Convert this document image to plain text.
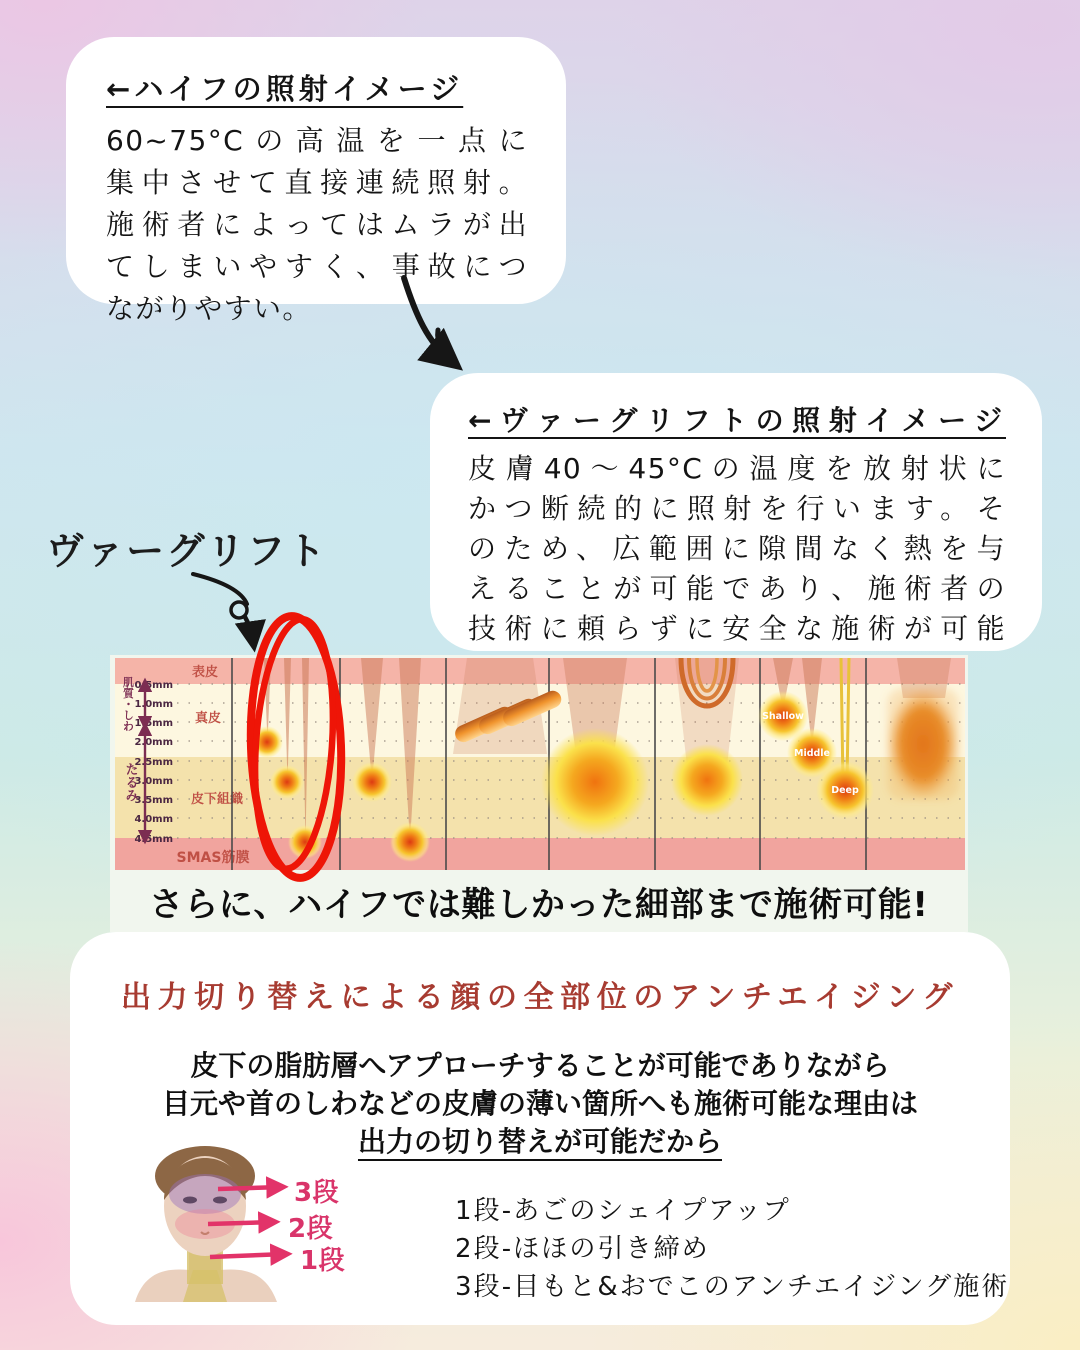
←ハイフの照射イメージ
60~75°Cの高温を一点に
集中させて直接連続照射。
施術者によってはムラが出
てしまいやすく、事故につ
ながりやすい。
←ヴァーグリフトの照射イメージ
皮膚40〜45°Cの温度を放射状に
かつ断続的に照射を行います。そ
のため、広範囲に隙間なく熱を与
えることが可能であり、施術者の
技術に頼らずに安全な施術が可能
ヴァーグリフト
0.5mm
1.0mm
1.5mm
2.0mm
2.5mm
3.0mm
3.5mm
4.0mm
4.5mm
肌質・しわ
たるみ
表皮
真皮
皮下組織
SMAS筋膜
Shallow
Middle
Deep
さらに、ハイフでは難しかった細部まで施術可能!
出力切り替えによる顔の全部位のアンチエイジング
皮下の脂肪層へアプローチすることが可能でありながら
目元や首のしわなどの皮膚の薄い箇所へも施術可能な理由は
出力の切り替えが可能だから
3段
2段
1段
1段-あごのシェイプアップ
2段-ほほの引き締め
3段-目もと&おでこのアンチエイジング施術
